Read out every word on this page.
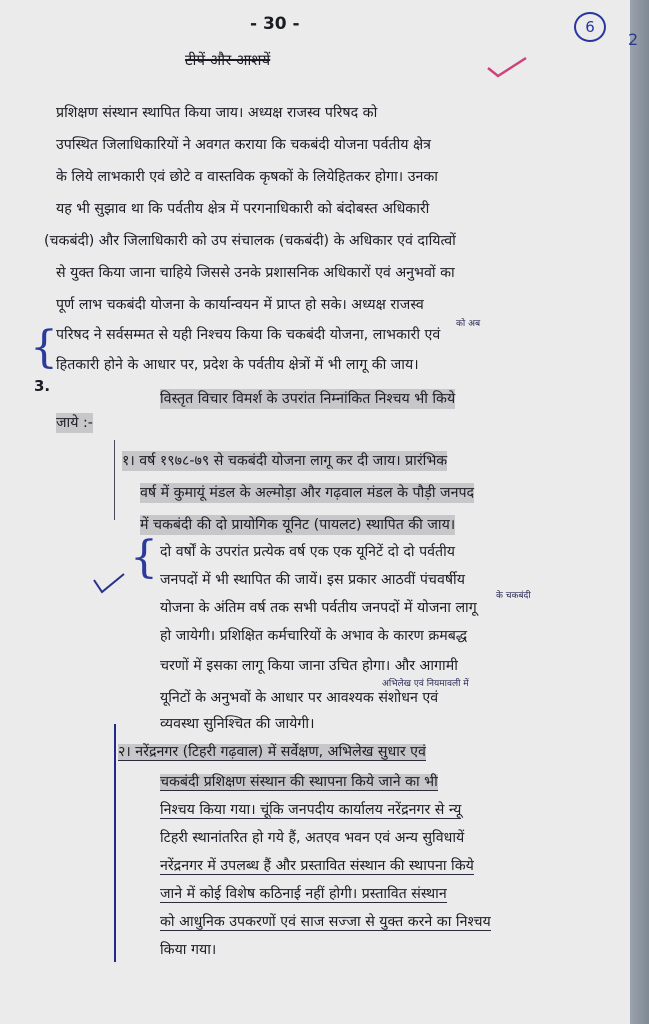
- 30 -
टीपें और आशयें
6
प्रशिक्षण संस्थान स्थापित किया जाय। अध्यक्ष राजस्व परिषद को
उपस्थित जिलाधिकारियों ने अवगत कराया कि चकबंदी योजना पर्वतीय क्षेत्र
के लिये लाभकारी एवं छोटे व वास्तविक कृषकों के लियेहितकर होगा। उनका
यह भी सुझाव था कि पर्वतीय क्षेत्र में परगनाधिकारी को बंदोबस्त अधिकारी
(चकबंदी) और जिलाधिकारी को उप संचालक (चकबंदी) के अधिकार एवं दायित्वों
से युक्त किया जाना चाहिये जिससे उनके प्रशासनिक अधिकारों एवं अनुभवों का
पूर्ण लाभ चकबंदी योजना के कार्यान्वयन में प्राप्त हो सके। अध्यक्ष राजस्व
परिषद ने सर्वसम्मत से यही निश्चय किया कि चकबंदी योजना, लाभकारी एवं
हितकारी होने के आधार पर, प्रदेश के पर्वतीय क्षेत्रों में भी लागू की जाय।
को अब
{
3.
विस्तृत विचार विमर्श के उपरांत निम्नांकित निश्चय भी किये
जाये :-
१। वर्ष १९७८-७९ से चकबंदी योजना लागू कर दी जाय। प्रारंभिक
वर्ष में कुमायूं मंडल के अल्मोड़ा और गढ़वाल मंडल के पौड़ी जनपद
में चकबंदी की दो प्रायोगिक यूनिट (पायलट) स्थापित की जाय।
{ दो वर्षों के उपरांत प्रत्येक वर्ष एक एक यूनिटें दो दो पर्वतीय
जनपदों में भी स्थापित की जायें। इस प्रकार आठवीं पंचवर्षीय
के चकबंदी
योजना के अंतिम वर्ष तक सभी पर्वतीय जनपदों में योजना लागू
हो जायेगी। प्रशिक्षित कर्मचारियों के अभाव के कारण क्रमबद्ध
चरणों में इसका लागू किया जाना उचित होगा। और आगामी
अभिलेख एवं नियमावली में
यूनिटों के अनुभवों के आधार पर आवश्यक संशोधन एवं
व्यवस्था सुनिश्चित की जायेगी।
२। नरेंद्रनगर (टिहरी गढ़वाल) में सर्वेक्षण, अभिलेख सुधार एवं
चकबंदी प्रशिक्षण संस्थान की स्थापना किये जाने का भी
निश्चय किया गया। चूंकि जनपदीय कार्यालय नरेंद्रनगर से न्यू
टिहरी स्थानांतरित हो गये हैं, अतएव भवन एवं अन्य सुविधायें
नरेंद्रनगर में उपलब्ध हैं और प्रस्तावित संस्थान की स्थापना किये
जाने में कोई विशेष कठिनाई नहीं होगी। प्रस्तावित संस्थान
को आधुनिक उपकरणों एवं साज सज्जा से युक्त करने का निश्चय
किया गया।
2
